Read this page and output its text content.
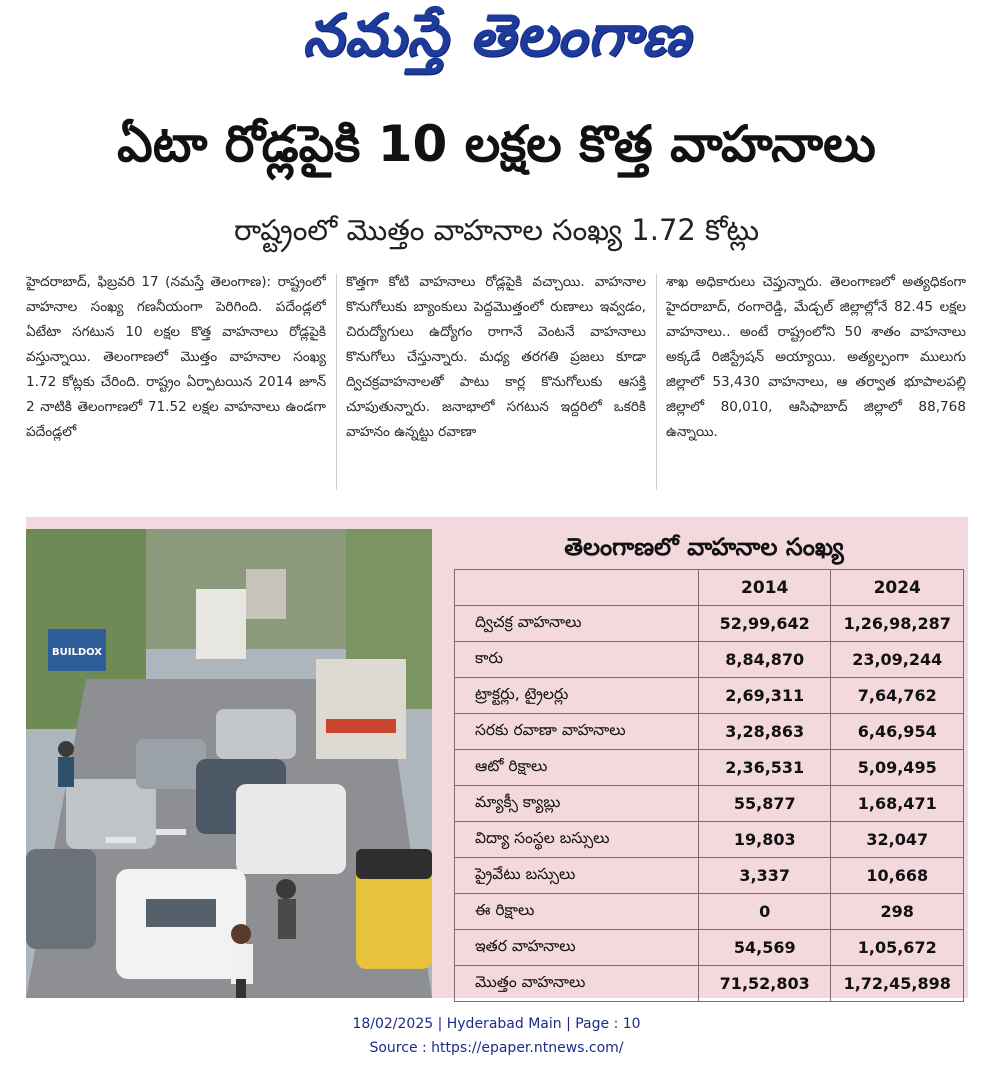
నమస్తే తెలంగాణ
ఏటా రోడ్లపైకి 10 లక్షల కొత్త వాహనాలు
రాష్ట్రంలో మొత్తం వాహనాల సంఖ్య 1.72 కోట్లు
హైదరాబాద్, ఫిబ్రవరి 17 (నమస్తే తెలంగాణ): రాష్ట్రంలో వాహనాల సంఖ్య గణనీయంగా పెరిగింది. పదేండ్లలో ఏటేటా సగటున 10 లక్షల కొత్త వాహనాలు రోడ్లపైకి వస్తున్నాయి. తెలంగాణలో మొత్తం వాహనాల సంఖ్య 1.72 కోట్లకు చేరింది. రాష్ట్రం ఏర్పాటయిన 2014 జూన్ 2 నాటికి తెలంగాణలో 71.52 లక్షల వాహనాలు ఉండగా పదేండ్లలో
కొత్తగా కోటి వాహనాలు రోడ్లపైకి వచ్చాయి. వాహనాల కొనుగోలుకు బ్యాంకులు పెద్దమొత్తంలో రుణాలు ఇవ్వడం, చిరుద్యోగులు ఉద్యోగం రాగానే వెంటనే వాహనాలు కొనుగోలు చేస్తున్నారు. మధ్య తరగతి ప్రజలు కూడా ద్విచక్రవాహనాలతో పాటు కార్ల కొనుగోలుకు ఆసక్తి చూపుతున్నారు. జనాభాలో సగటున ఇద్దరిలో ఒకరికి వాహనం ఉన్నట్టు రవాణా
శాఖ అధికారులు చెప్తున్నారు. తెలంగాణలో అత్యధికంగా హైదరాబాద్, రంగారెడ్డి, మేడ్చల్ జిల్లాల్లోనే 82.45 లక్షల వాహనాలు.. అంటే రాష్ట్రంలోని 50 శాతం వాహనాలు అక్కడే రిజిస్ట్రేషన్ అయ్యాయి. అత్యల్పంగా ములుగు జిల్లాలో 53,430 వాహనాలు, ఆ తర్వాత భూపాలపల్లి జిల్లాలో 80,010, ఆసిఫాబాద్ జిల్లాలో 88,768 ఉన్నాయి.
BUILDOX
తెలంగాణలో వాహనాల సంఖ్య
	2014	2024
ద్విచక్ర వాహనాలు	52,99,642	1,26,98,287
కారు	8,84,870	23,09,244
ట్రాక్టర్లు, ట్రైలర్లు	2,69,311	7,64,762
సరకు రవాణా వాహనాలు	3,28,863	6,46,954
ఆటో రిక్షాలు	2,36,531	5,09,495
మ్యాక్సీ క్యాబ్లు	55,877	1,68,471
విద్యా సంస్థల బస్సులు	19,803	32,047
ప్రైవేటు బస్సులు	3,337	10,668
ఈ రిక్షాలు	0	298
ఇతర వాహనాలు	54,569	1,05,672
మొత్తం వాహనాలు	71,52,803	1,72,45,898
18/02/2025 | Hyderabad Main | Page : 10
Source : https://epaper.ntnews.com/
